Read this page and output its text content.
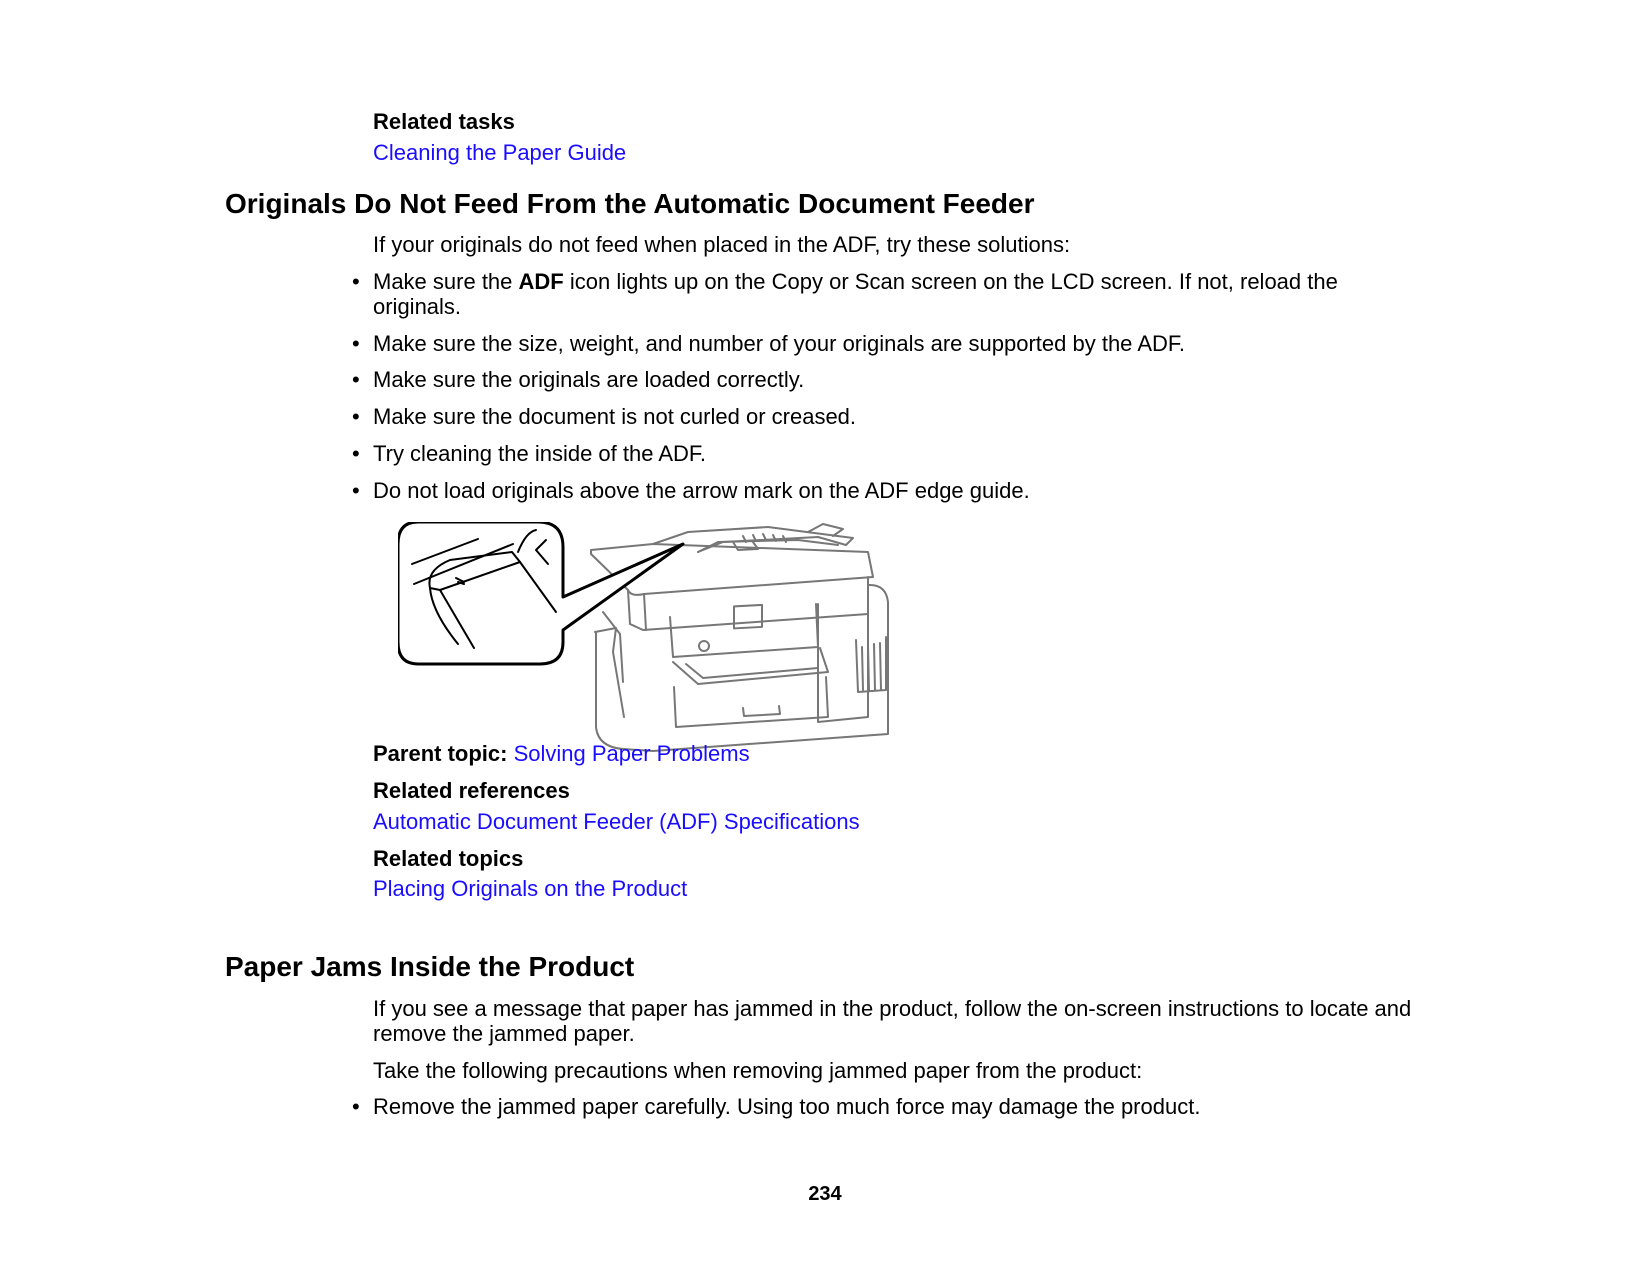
Related tasks
Cleaning the Paper Guide
Originals Do Not Feed From the Automatic Document Feeder
If your originals do not feed when placed in the ADF, try these solutions:
• Make sure the ADF icon lights up on the Copy or Scan screen on the LCD screen. If not, reload the originals.
• Make sure the size, weight, and number of your originals are supported by the ADF.
• Make sure the originals are loaded correctly.
• Make sure the document is not curled or creased.
• Try cleaning the inside of the ADF.
• Do not load originals above the arrow mark on the ADF edge guide.
Parent topic: Solving Paper Problems
Related references
Automatic Document Feeder (ADF) Specifications
Related topics
Placing Originals on the Product
Paper Jams Inside the Product
If you see a message that paper has jammed in the product, follow the on-screen instructions to locate and remove the jammed paper.
Take the following precautions when removing jammed paper from the product:
• Remove the jammed paper carefully. Using too much force may damage the product.
234
